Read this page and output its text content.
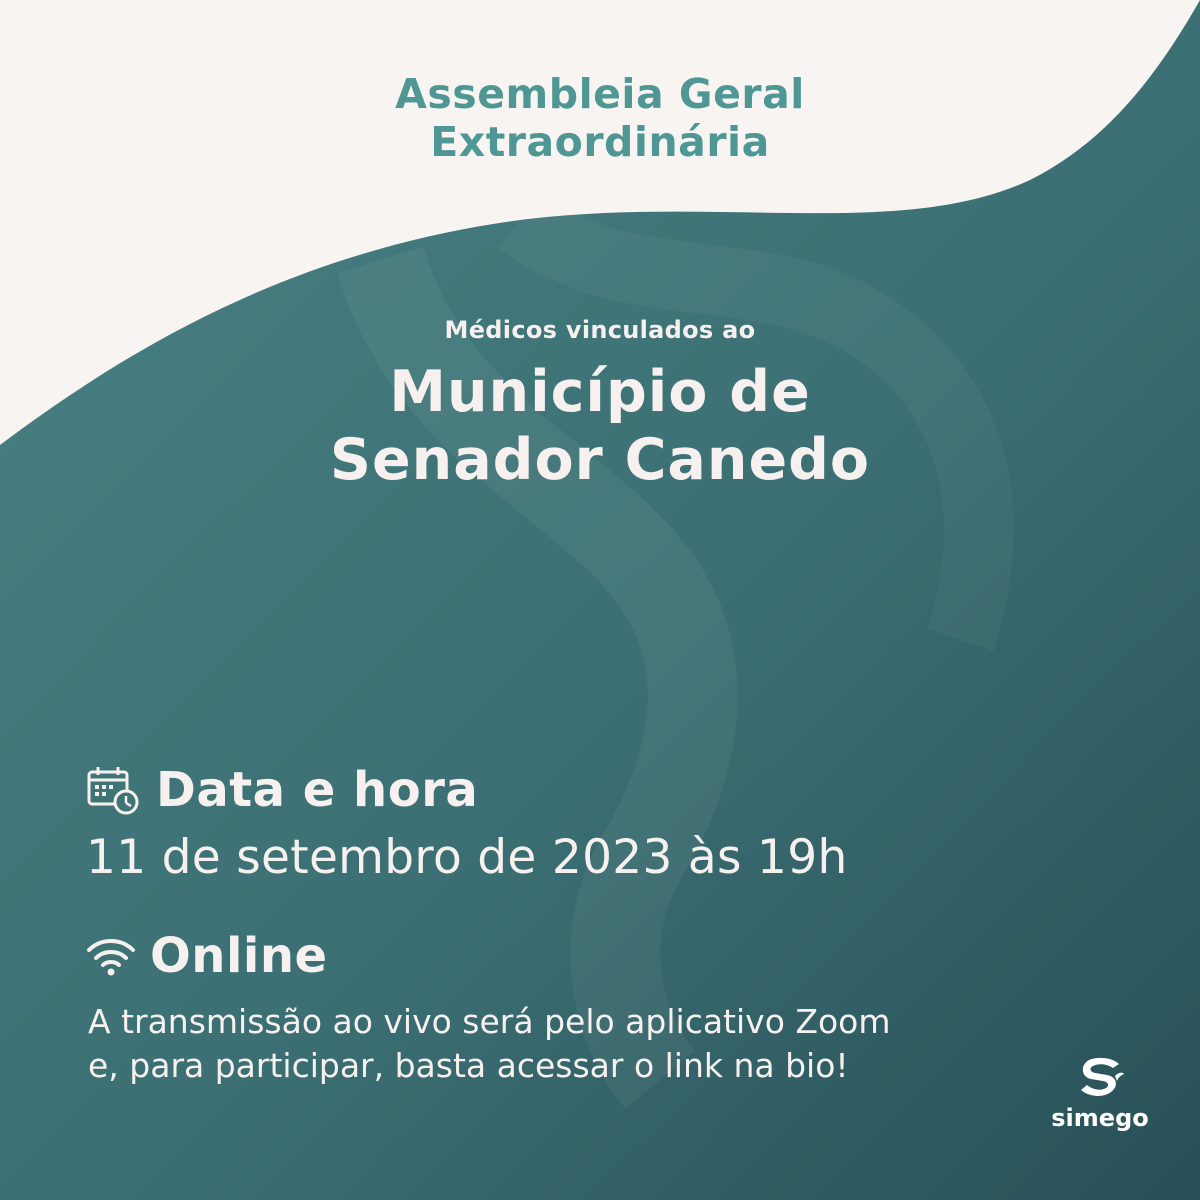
Assembleia Geral
Extraordinária
Médicos vinculados ao
Município de
Senador Canedo
Data e hora
11 de setembro de 2023 às 19h
Online
A transmissão ao vivo será pelo aplicativo Zoom
e, para participar, basta acessar o link na bio!
simego
